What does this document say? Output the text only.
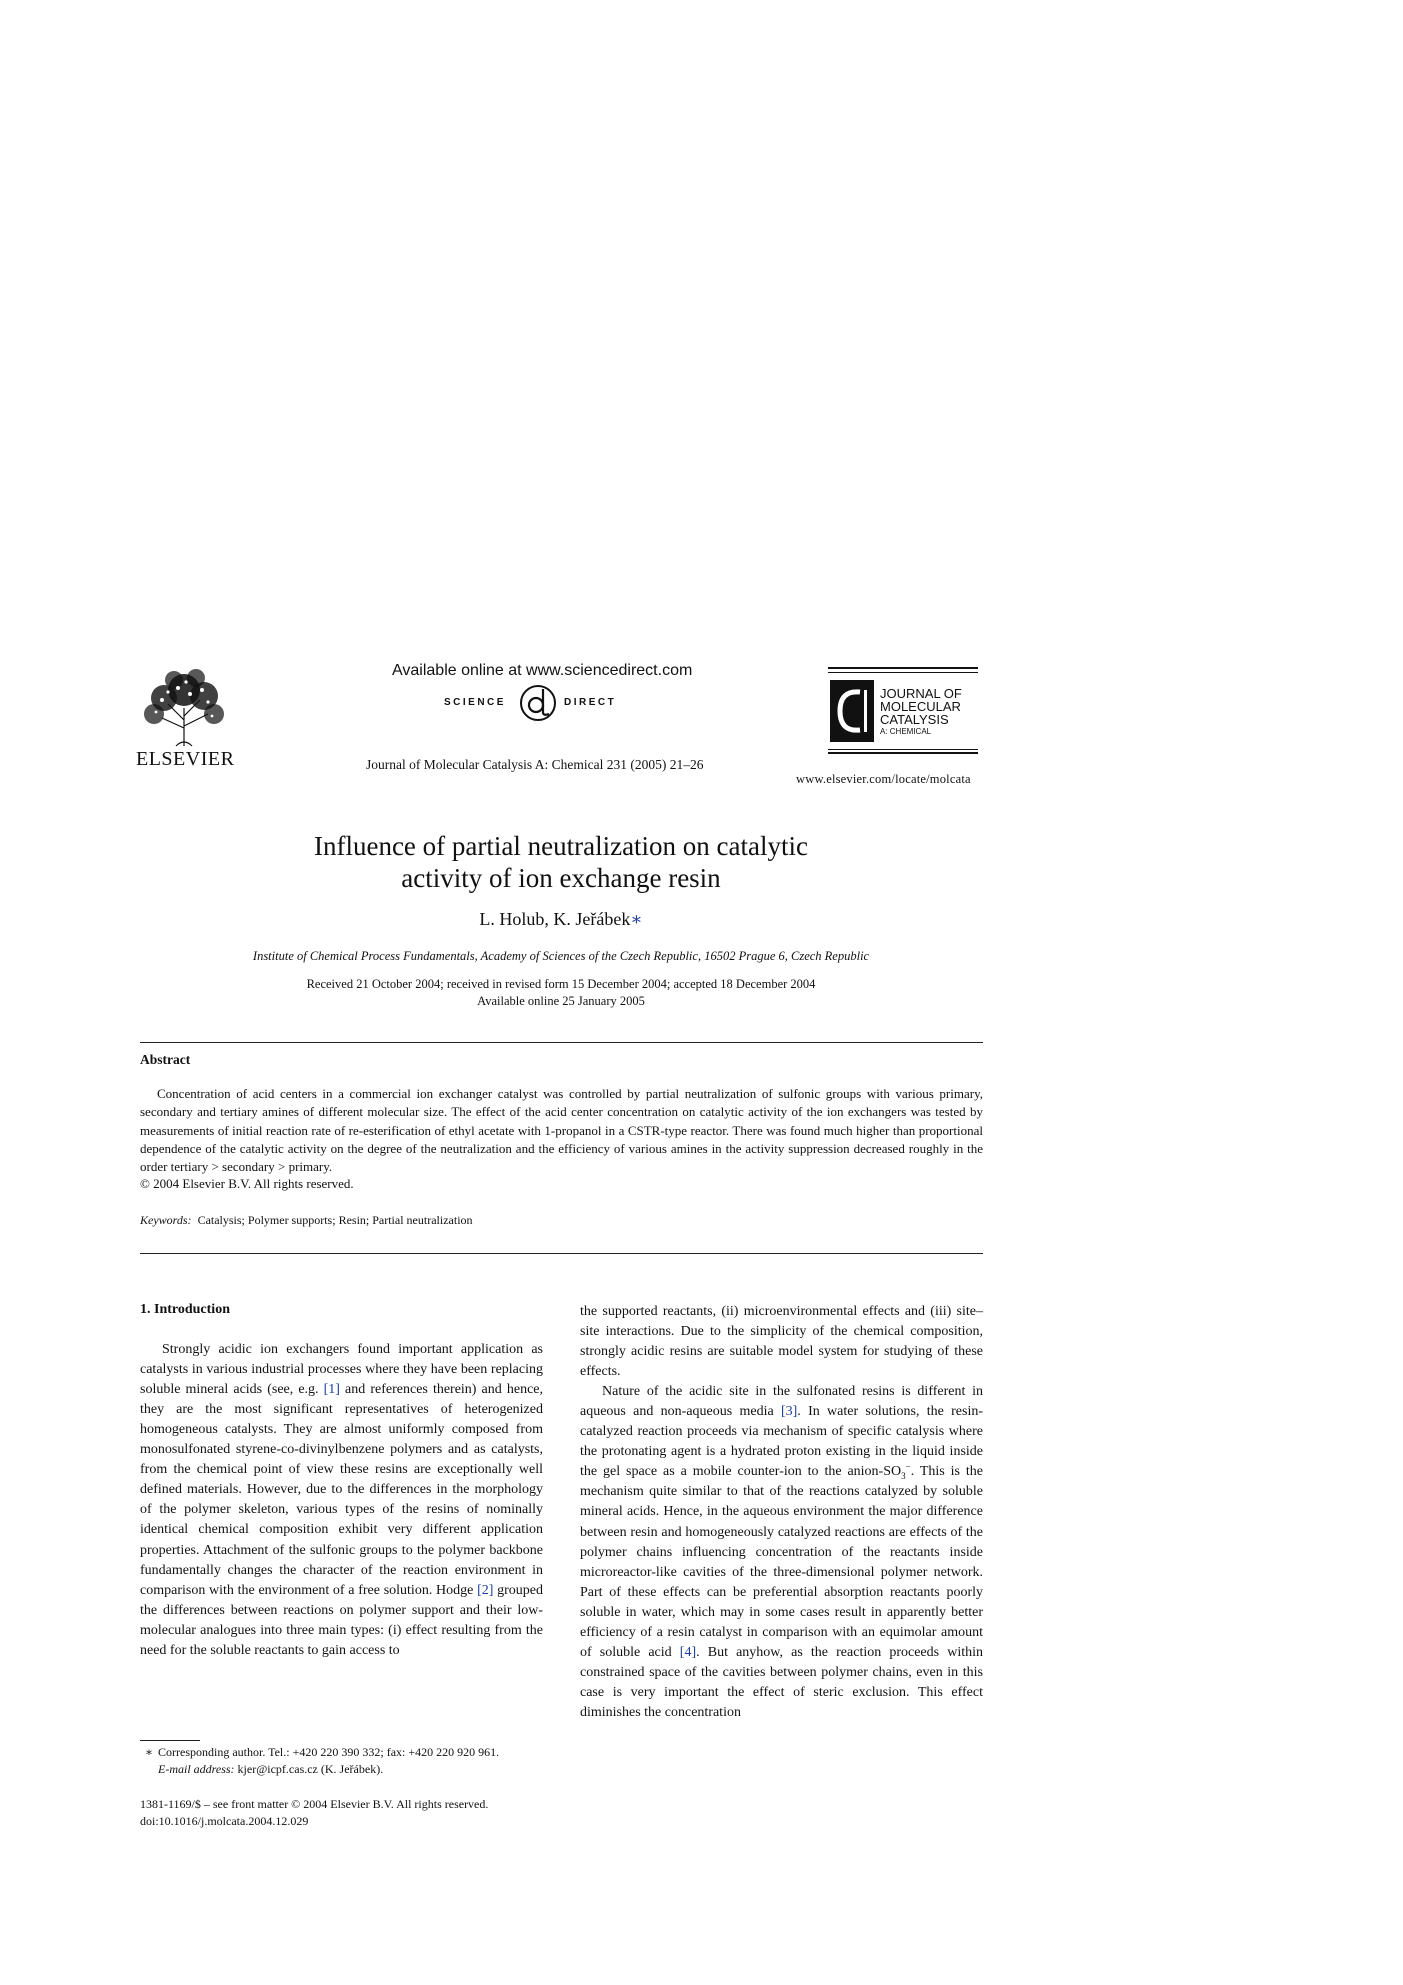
ELSEVIER
Available online at www.sciencedirect.com
SCIENCE	DIRECT
Journal of Molecular Catalysis A: Chemical 231 (2005) 21–26
JOURNAL OF
MOLECULAR
CATALYSIS
A: CHEMICAL
www.elsevier.com/locate/molcata
Influence of partial neutralization on catalytic
activity of ion exchange resin
L. Holub, K. Jeřábek∗
Institute of Chemical Process Fundamentals, Academy of Sciences of the Czech Republic, 16502 Prague 6, Czech Republic
Received 21 October 2004; received in revised form 15 December 2004; accepted 18 December 2004
Available online 25 January 2005
Abstract

Concentration of acid centers in a commercial ion exchanger catalyst was controlled by partial neutralization of sulfonic groups with various primary, secondary and tertiary amines of different molecular size. The effect of the acid center concentration on catalytic activity of the ion exchangers was tested by measurements of initial reaction rate of re-esterification of ethyl acetate with 1-propanol in a CSTR-type reactor. There was found much higher than proportional dependence of the catalytic activity on the degree of the neutralization and the efficiency of various amines in the activity suppression decreased roughly in the order tertiary > secondary > primary.

© 2004 Elsevier B.V. All rights reserved.
Keywords: Catalysis; Polymer supports; Resin; Partial neutralization
1. Introduction

Strongly acidic ion exchangers found important application as catalysts in various industrial processes where they have been replacing soluble mineral acids (see, e.g. [1] and references therein) and hence, they are the most significant representatives of heterogenized homogeneous catalysts. They are almost uniformly composed from monosulfonated styrene-co-divinylbenzene polymers and as catalysts, from the chemical point of view these resins are exceptionally well defined materials. However, due to the differences in the morphology of the polymer skeleton, various types of the resins of nominally identical chemical composition exhibit very different application properties. Attachment of the sulfonic groups to the polymer backbone fundamentally changes the character of the reaction environment in comparison with the environment of a free solution. Hodge [2] grouped the differences between reactions on polymer support and their low-molecular analogues into three main types: (i) effect resulting from the need for the soluble reactants to gain access to

the supported reactants, (ii) microenvironmental effects and (iii) site–site interactions. Due to the simplicity of the chemical composition, strongly acidic resins are suitable model system for studying of these effects.

Nature of the acidic site in the sulfonated resins is different in aqueous and non-aqueous media [3]. In water solutions, the resin-catalyzed reaction proceeds via mechanism of specific catalysis where the protonating agent is a hydrated proton existing in the liquid inside the gel space as a mobile counter-ion to the anion-$SO_3^-$. This is the mechanism quite similar to that of the reactions catalyzed by soluble mineral acids. Hence, in the aqueous environment the major difference between resin and homogeneously catalyzed reactions are effects of the polymer chains influencing concentration of the reactants inside microreactor-like cavities of the three-dimensional polymer network. Part of these effects can be preferential absorption reactants poorly soluble in water, which may in some cases result in apparently better efficiency of a resin catalyst in comparison with an equimolar amount of soluble acid [4]. But anyhow, as the reaction proceeds within constrained space of the cavities between polymer chains, even in this case is very important the effect of steric exclusion. This effect diminishes the concentration

∗ Corresponding author. Tel.: +420 220 390 332; fax: +420 220 920 961.
E-mail address: kjer@icpf.cas.cz (K. Jeřábek).
1381-1169/$ – see front matter © 2004 Elsevier B.V. All rights reserved.
doi:10.1016/j.molcata.2004.12.029
